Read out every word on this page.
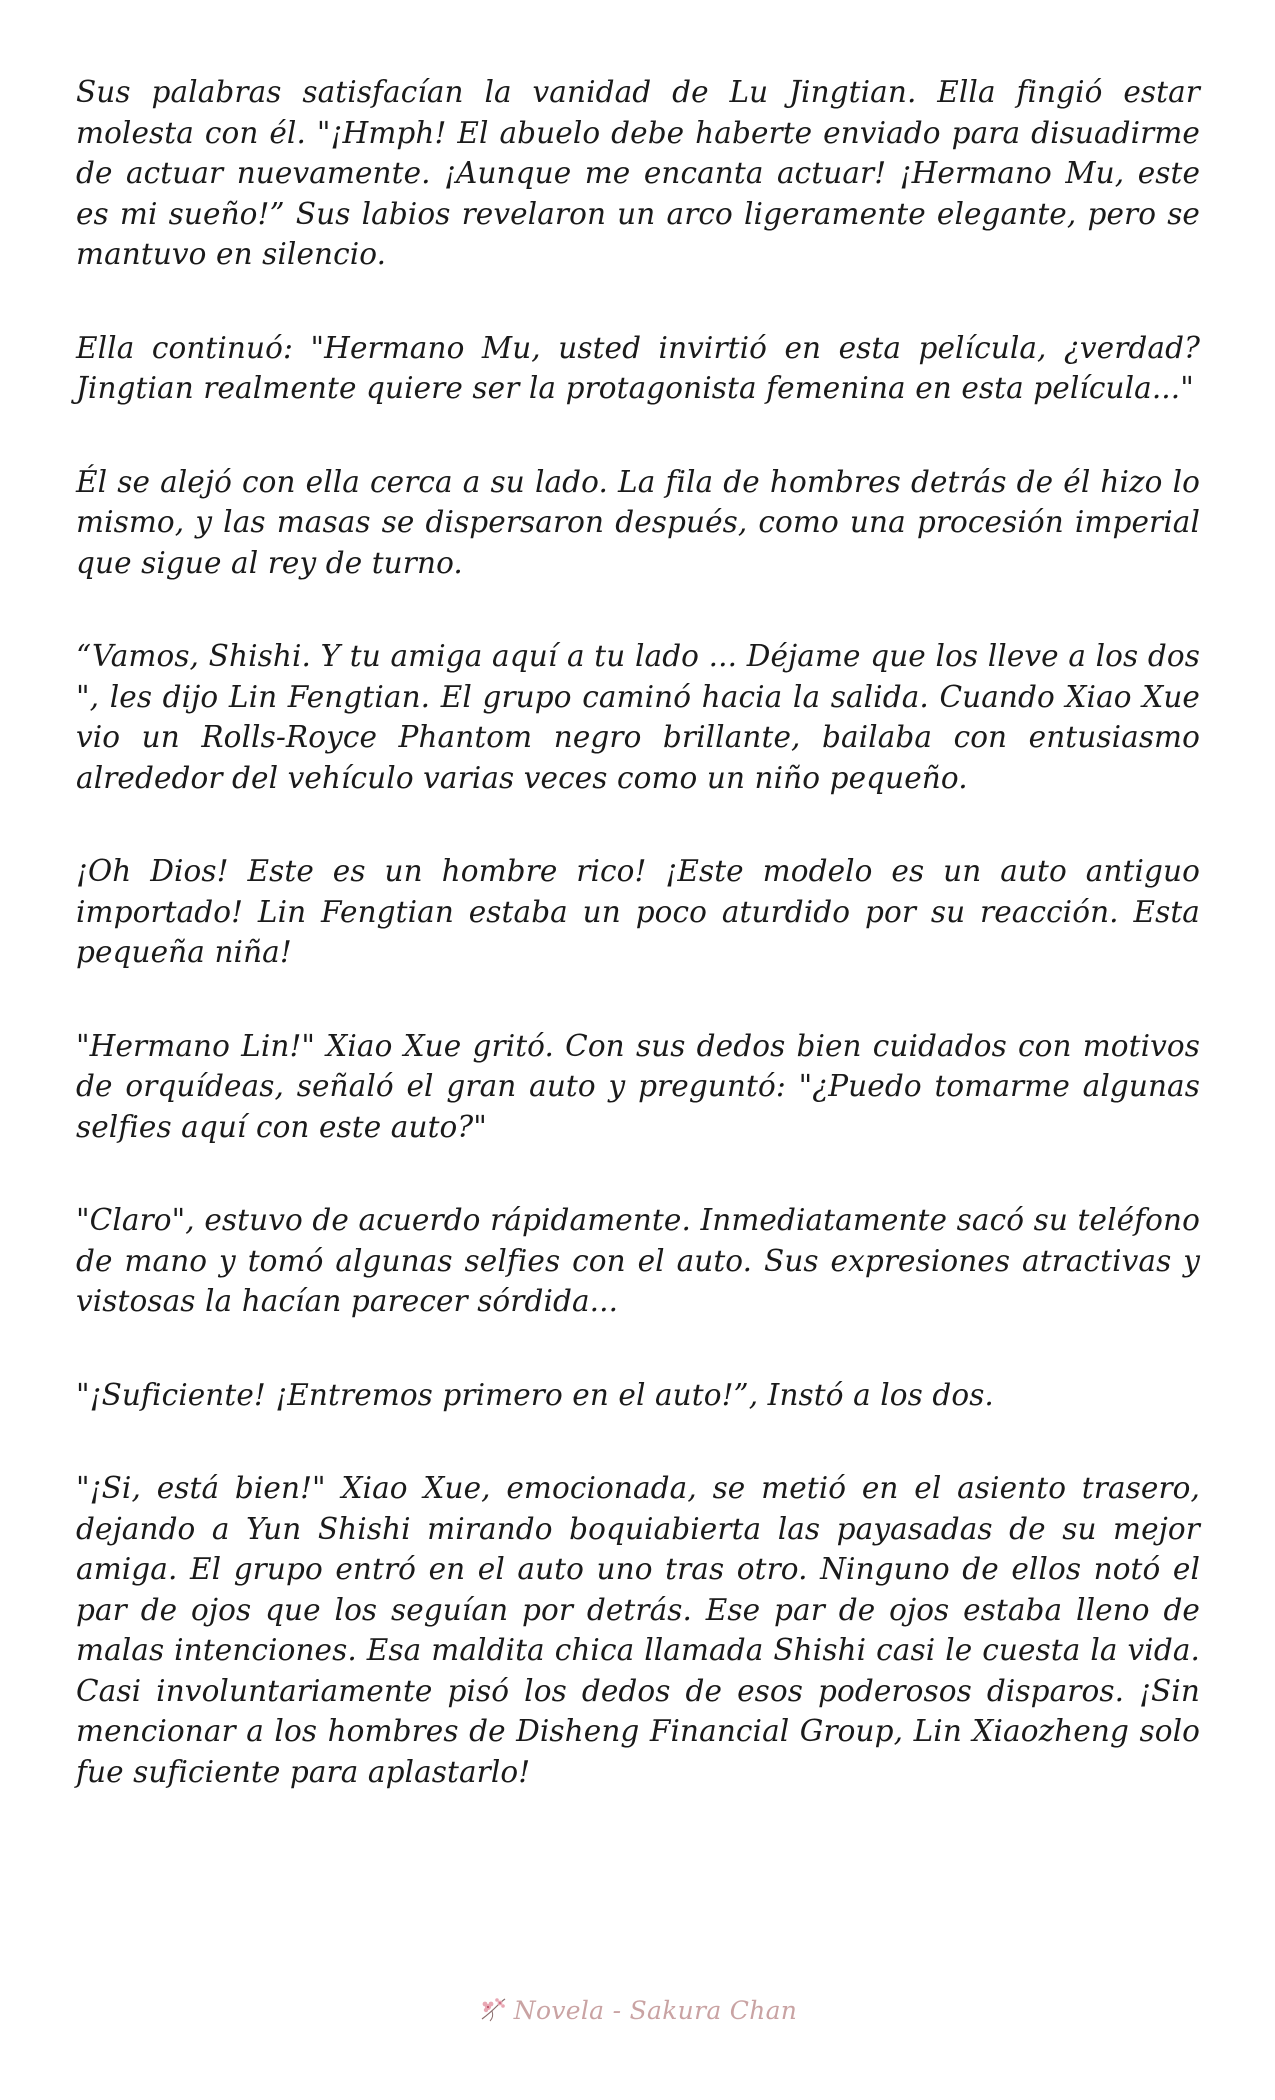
Sus palabras satisfacían la vanidad de Lu Jingtian. Ella fingió estar molesta con él. "¡Hmph! El abuelo debe haberte enviado para disuadirme de actuar nuevamente. ¡Aunque me encanta actuar! ¡Hermano Mu, este es mi sueño!” Sus labios revelaron un arco ligeramente elegante, pero se mantuvo en silencio.

Ella continuó: "Hermano Mu, usted invirtió en esta película, ¿verdad? Jingtian realmente quiere ser la protagonista femenina en esta película..."

Él se alejó con ella cerca a su lado. La fila de hombres detrás de él hizo lo mismo, y las masas se dispersaron después, como una procesión imperial que sigue al rey de turno.

“Vamos, Shishi. Y tu amiga aquí a tu lado ... Déjame que los lleve a los dos ", les dijo Lin Fengtian. El grupo caminó hacia la salida. Cuando Xiao Xue vio un Rolls-Royce Phantom negro brillante, bailaba con entusiasmo alrededor del vehículo varias veces como un niño pequeño.

¡Oh Dios! Este es un hombre rico! ¡Este modelo es un auto antiguo importado! Lin Fengtian estaba un poco aturdido por su reacción. Esta pequeña niña!

"Hermano Lin!" Xiao Xue gritó. Con sus dedos bien cuidados con motivos de orquídeas, señaló el gran auto y preguntó: "¿Puedo tomarme algunas selfies aquí con este auto?"

"Claro", estuvo de acuerdo rápidamente. Inmediatamente sacó su teléfono de mano y tomó algunas selfies con el auto. Sus expresiones atractivas y vistosas la hacían parecer sórdida...

"¡Suficiente! ¡Entremos primero en el auto!”, Instó a los dos.

"¡Si, está bien!" Xiao Xue, emocionada, se metió en el asiento trasero, dejando a Yun Shishi mirando boquiabierta las payasadas de su mejor amiga. El grupo entró en el auto uno tras otro. Ninguno de ellos notó el par de ojos que los seguían por detrás. Ese par de ojos estaba lleno de malas intenciones. Esa maldita chica llamada Shishi casi le cuesta la vida. Casi involuntariamente pisó los dedos de esos poderosos disparos. ¡Sin mencionar a los hombres de Disheng Financial Group, Lin Xiaozheng solo fue suficiente para aplastarlo!

Novela - Sakura Chan
